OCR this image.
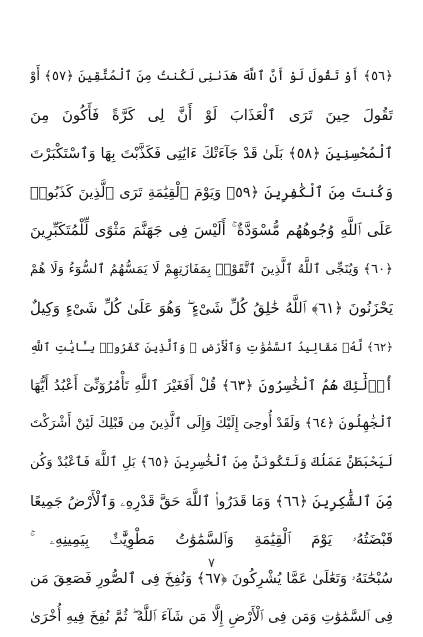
﴿٥٦﴾ أَوْ تَقُولَ لَوْ أَنَّ ٱللَّهَ هَدَىٰنِى لَكُنتُ مِنَ ٱلْمُتَّقِينَ ﴿٥٧﴾ أَوْ
تَقُولَ حِينَ تَرَى ٱلْعَذَابَ لَوْ أَنَّ لِى كَرَّةً فَأَكُونَ مِنَ
ٱلْمُحْسِنِينَ ﴿٥٨﴾ بَلَىٰ قَدْ جَآءَتْكَ ءَايَٰتِى فَكَذَّبْتَ بِهَا وَٱسْتَكْبَرْتَ
وَكُنتَ مِنَ ٱلْكَٰفِرِينَ ﴿٥٩﴾ وَيَوْمَ ٱلْقِيَٰمَةِ تَرَى ٱلَّذِينَ كَذَبُوا۟
عَلَى ٱللَّهِ وُجُوهُهُم مُّسْوَدَّةٌ ۚ أَلَيْسَ فِى جَهَنَّمَ مَثْوًى لِّلْمُتَكَبِّرِينَ
﴿٦٠﴾ وَيُنَجِّى ٱللَّهُ ٱلَّذِينَ ٱتَّقَوْا۟ بِمَفَازَتِهِمْ لَا يَمَسُّهُمُ ٱلسُّوٓءُ وَلَا هُمْ
يَحْزَنُونَ ﴿٦١﴾ ٱللَّهُ خَٰلِقُ كُلِّ شَىْءٍ ۖ وَهُوَ عَلَىٰ كُلِّ شَىْءٍ وَكِيلٌ
﴿٦٢﴾ لَّهُۥ مَقَالِيدُ ٱلسَّمَٰوَٰتِ وَٱلْأَرْضِ ۗ وَٱلَّذِينَ كَفَرُوا۟ بِـَٔايَٰتِ ٱللَّهِ
أُو۟لَٰٓئِكَ هُمُ ٱلْخَٰسِرُونَ ﴿٦٣﴾ قُلْ أَفَغَيْرَ ٱللَّهِ تَأْمُرُوٓنِّىٓ أَعْبُدُ أَيُّهَا
ٱلْجَٰهِلُونَ ﴿٦٤﴾ وَلَقَدْ أُوحِىَ إِلَيْكَ وَإِلَى ٱلَّذِينَ مِن قَبْلِكَ لَئِنْ أَشْرَكْتَ
لَيَحْبَطَنَّ عَمَلُكَ وَلَتَكُونَنَّ مِنَ ٱلْخَٰسِرِينَ ﴿٦٥﴾ بَلِ ٱللَّهَ فَٱعْبُدْ وَكُن
مِّنَ ٱلشَّٰكِرِينَ ﴿٦٦﴾ وَمَا قَدَرُوا۟ ٱللَّهَ حَقَّ قَدْرِهِۦ وَٱلْأَرْضُ جَمِيعًا
قَبْضَتُهُۥ يَوْمَ ٱلْقِيَٰمَةِ وَٱلسَّمَٰوَٰتُ مَطْوِيَّٰتٌۢ بِيَمِينِهِۦ ۚ
سُبْحَٰنَهُۥ وَتَعَٰلَىٰ عَمَّا يُشْرِكُونَ ﴿٦٧﴾ وَنُفِخَ فِى ٱلصُّورِ فَصَعِقَ مَن
فِى ٱلسَّمَٰوَٰتِ وَمَن فِى ٱلْأَرْضِ إِلَّا مَن شَآءَ ٱللَّهُ ۖ ثُمَّ نُفِخَ فِيهِ أُخْرَىٰ
٧
